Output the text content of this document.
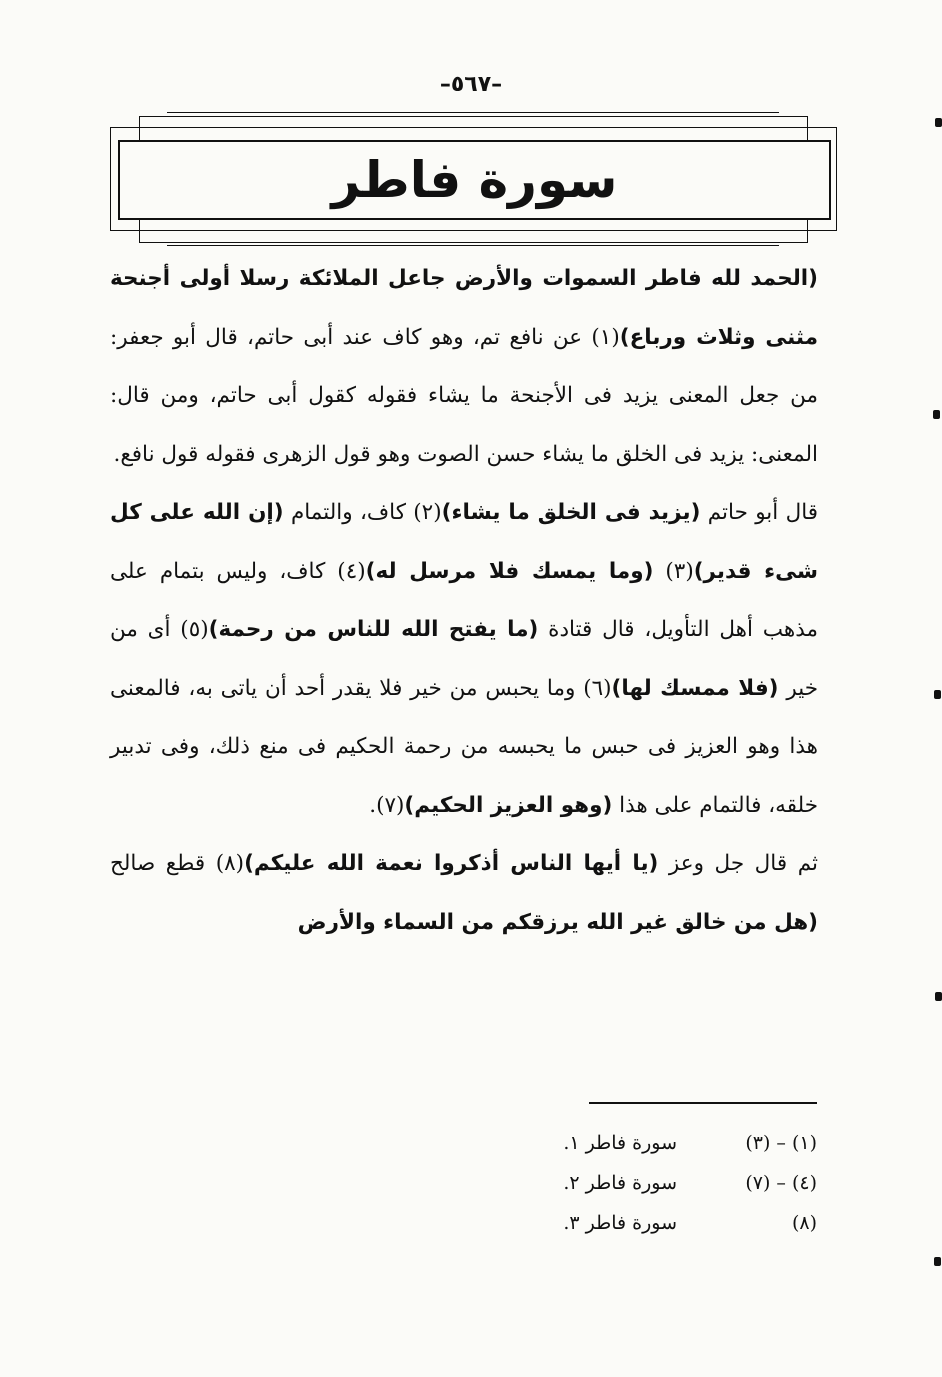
–٥٦٧–
سورة فاطر

(الحمد لله فاطر السموات والأرض جاعل الملائكة رسلا أولى أجنحة مثنى وثلاث ورباع)(١) عن نافع تم، وهو كاف عند أبى حاتم، قال أبو جعفر: من جعل المعنى يزيد فى الأجنحة ما يشاء فقوله كقول أبى حاتم، ومن قال: المعنى: يزيد فى الخلق ما يشاء حسن الصوت وهو قول الزهرى فقوله قول نافع.

قال أبو حاتم (يزيد فى الخلق ما يشاء)(٢) كاف، والتمام (إن الله على كل شىء قدير)(٣) (وما يمسك فلا مرسل له)(٤) كاف، وليس بتمام على مذهب أهل التأويل، قال قتادة (ما يفتح الله للناس من رحمة)(٥) أى من خير (فلا ممسك لها)(٦) وما يحبس من خير فلا يقدر أحد أن ياتى به، فالمعنى هذا وهو العزيز فى حبس ما يحبسه من رحمة الحكيم فى منع ذلك، وفى تدبير خلقه، فالتمام على هذا (وهو العزيز الحكيم)(٧).

ثم قال جل وعز (يا أيها الناس أذكروا نعمة الله عليكم)(٨) قطع صالح (هل من خالق غير الله يرزقكم من السماء والأرض

(١) – (٣)
سورة فاطر ١.
(٤) – (٧)
سورة فاطر ٢.
(٨)
سورة فاطر ٣.
